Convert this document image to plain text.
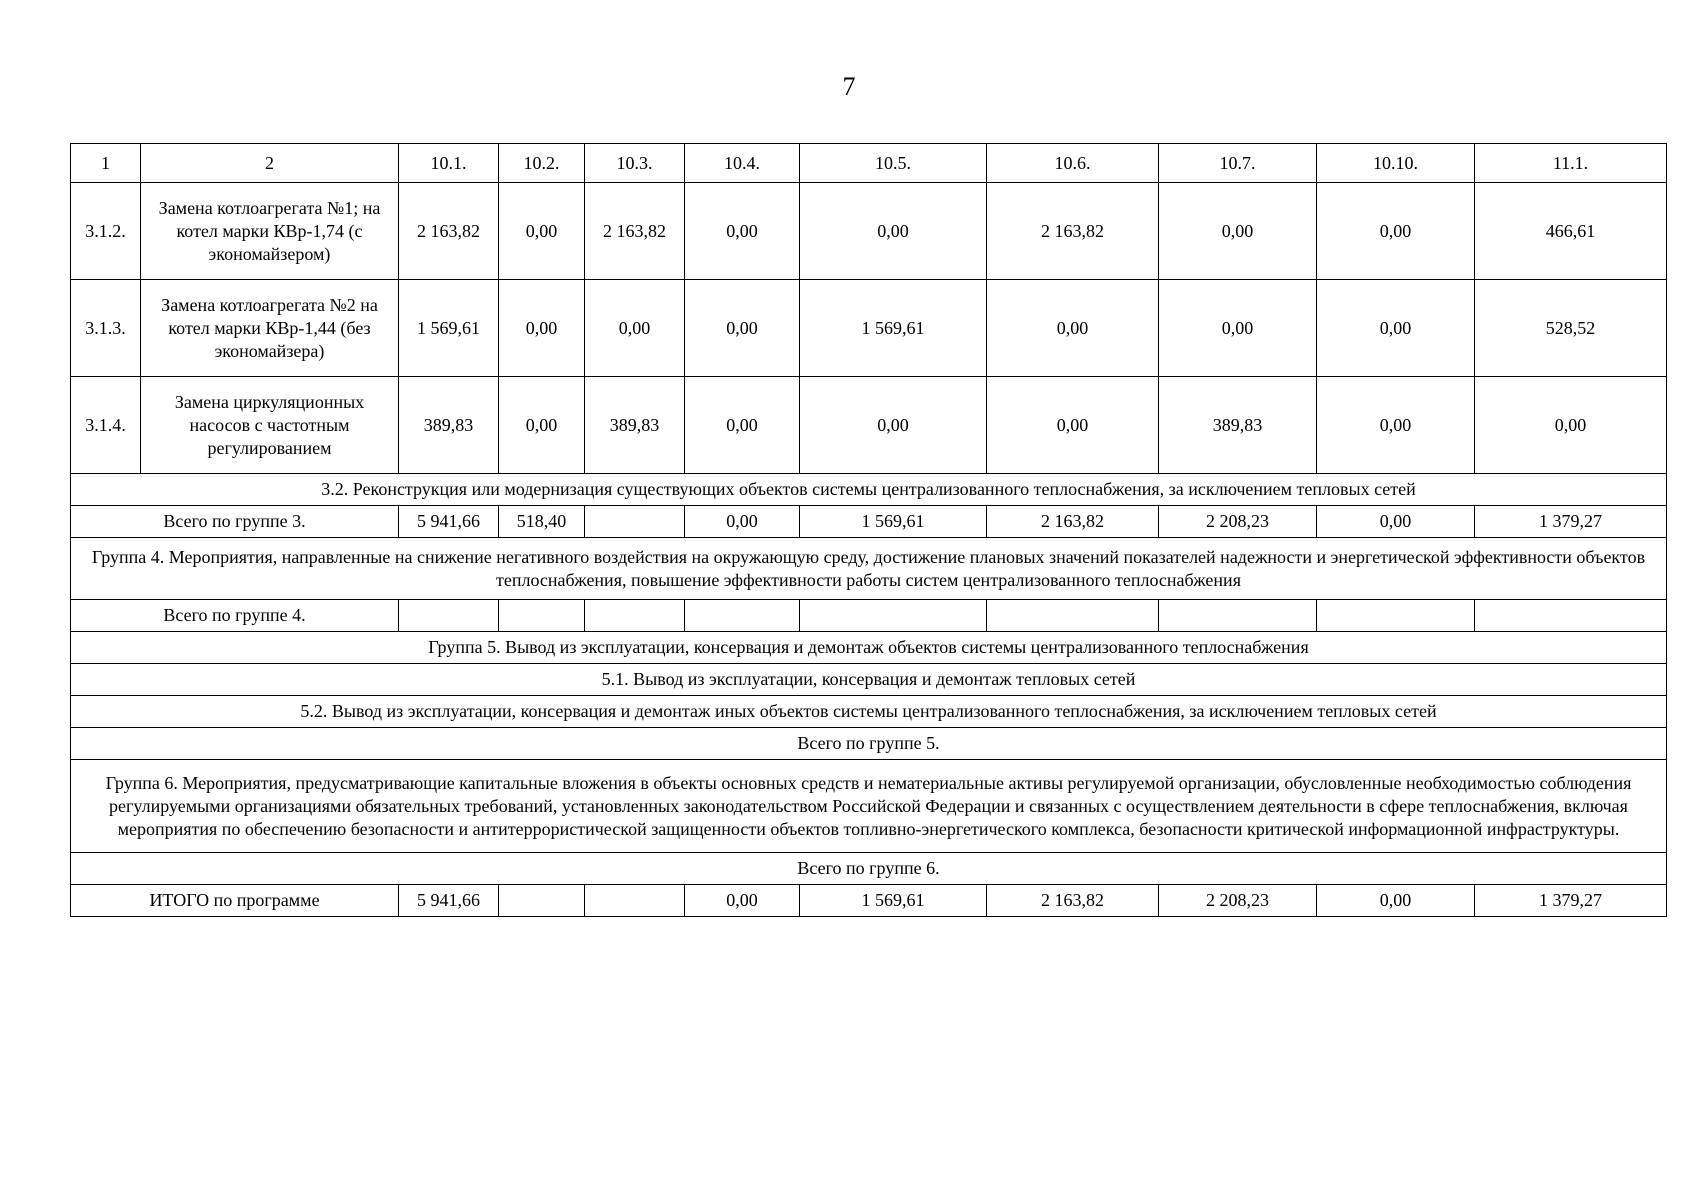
7
1	2	10.1.	10.2.	10.3.	10.4.	10.5.	10.6.	10.7.	10.10.	11.1.
3.1.2.	Замена котлоагрегата №1; на котел марки КВр-1,74 (с экономайзером)	2 163,82	0,00	2 163,82	0,00	0,00	2 163,82	0,00	0,00	466,61
3.1.3.	Замена котлоагрегата №2 на котел марки КВр-1,44 (без экономайзера)	1 569,61	0,00	0,00	0,00	1 569,61	0,00	0,00	0,00	528,52
3.1.4.	Замена циркуляционных насосов с частотным регулированием	389,83	0,00	389,83	0,00	0,00	0,00	389,83	0,00	0,00
3.2. Реконструкция или модернизация существующих объектов системы централизованного теплоснабжения, за исключением тепловых сетей										
Всего по группе 3.		5 941,66	518,40		0,00	1 569,61	2 163,82	2 208,23	0,00	1 379,27
Группа 4. Мероприятия, направленные на снижение негативного воздействия на окружающую среду, достижение плановых значений показателей надежности и энергетической эффективности объектов теплоснабжения, повышение эффективности работы систем централизованного теплоснабжения										
Всего по группе 4.										
Группа 5. Вывод из эксплуатации, консервация и демонтаж объектов системы централизованного теплоснабжения										
5.1. Вывод из эксплуатации, консервация и демонтаж тепловых сетей										
5.2. Вывод из эксплуатации, консервация и демонтаж иных объектов системы централизованного теплоснабжения, за исключением тепловых сетей										
Всего по группе 5.										
Группа 6. Мероприятия, предусматривающие капитальные вложения в объекты основных средств и нематериальные активы регулируемой организации, обусловленные необходимостью соблюдения регулируемыми организациями обязательных требований, установленных законодательством Российской Федерации и связанных с осуществлением деятельности в сфере теплоснабжения, включая мероприятия по обеспечению безопасности и антитеррористической защищенности объектов топливно-энергетического комплекса, безопасности критической информационной инфраструктуры.										
Всего по группе 6.										
ИТОГО по программе		5 941,66			0,00	1 569,61	2 163,82	2 208,23	0,00	1 379,27
